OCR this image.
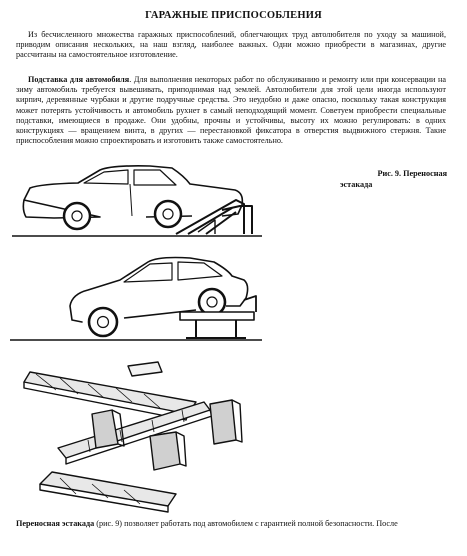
ГАРАЖНЫЕ ПРИСПОСОБЛЕНИЯ

Из бесчисленного множества гаражных приспособлений, облегчающих труд автолюбителя по уходу за машиной, приводим описания нескольких, на наш взгляд, наиболее важных. Одни можно приобрести в магазинах, другие рассчитаны на самостоятельное изготовление.

Подставка для автомобиля. Для выполнения некоторых работ по обслуживанию и ремонту или при консервации на зиму автомобиль требуется вывешивать, приподнимая над землей. Автолюбители для этой цели иногда используют кирпич, деревянные чурбаки и другие подручные средства. Это неудобно и даже опасно, поскольку такая конструкция может потерять устойчивость и автомобиль рухнет в самый неподходящий момент. Советуем приобрести специальные подставки, имеющиеся в продаже. Они удобны, прочны и устойчивы, высоту их можно регулировать: в одних конструкциях — вращением винта, в других — перестановкой фиксатора в отверстия выдвижного стержня. Такие приспособления можно спроектировать и изготовить также самостоятельно.

Рис. 9. Переносная
эстакада

Переносная эстакада (рис. 9) позволяет работать под автомобилем с гарантией полной безопасности. После
